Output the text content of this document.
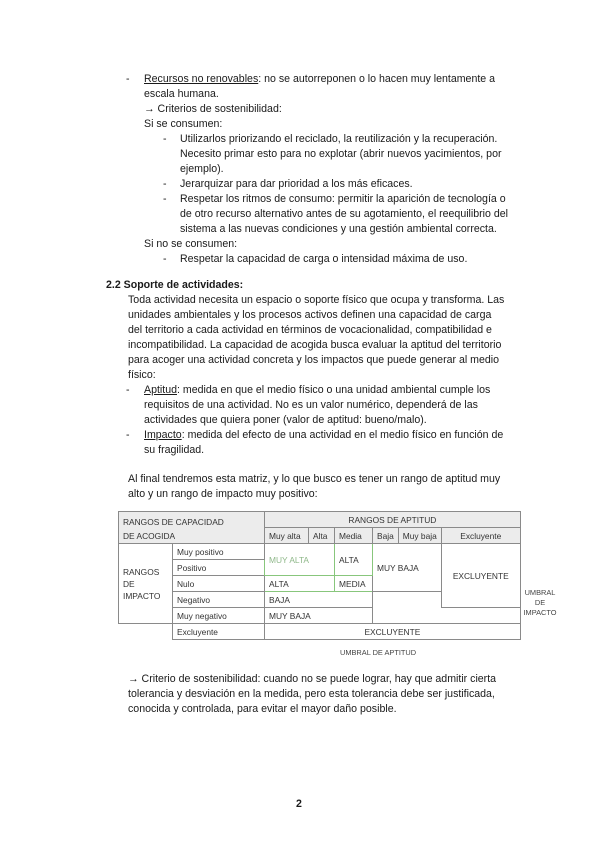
- Recursos no renovables: no se autorreponen o lo hacen muy lentamente a
escala humana.
→ Criterios de sostenibilidad:
Si se consumen:
- Utilizarlos priorizando el reciclado, la reutilización y la recuperación.
Necesito primar esto para no explotar (abrir nuevos yacimientos, por
ejemplo).
- Jerarquizar para dar prioridad a los más eficaces.
- Respetar los ritmos de consumo: permitir la aparición de tecnología o
de otro recurso alternativo antes de su agotamiento, el reequilibrio del
sistema a las nuevas condiciones y una gestión ambiental correcta.
Si no se consumen:
- Respetar la capacidad de carga o intensidad máxima de uso.
2.2 Soporte de actividades:
Toda actividad necesita un espacio o soporte físico que ocupa y transforma. Las
unidades ambientales y los procesos activos definen una capacidad de carga
del territorio a cada actividad en términos de vocacionalidad, compatibilidad e
incompatibilidad. La capacidad de acogida busca evaluar la aptitud del territorio
para acoger una actividad concreta y los impactos que puede generar al medio
físico:
- Aptitud: medida en que el medio físico o una unidad ambiental cumple los
requisitos de una actividad. No es un valor numérico, dependerá de las
actividades que quiera poner (valor de aptitud: bueno/malo).
- Impacto: medida del efecto de una actividad en el medio físico en función de
su fragilidad.
Al final tendremos esta matriz, y lo que busco es tener un rango de aptitud muy
alto y un rango de impacto muy positivo:
RANGOS DE CAPACIDAD
DE ACOGIDA		RANGOS DE APTITUD					
		Muy alta	Alta	Media	Baja	Muy baja	Excluyente

RANGOS
DE
IMPACTO	Muy positivo	MUY ALTA		ALTA	MUY BAJA		EXCLUYENTE
	Positivo						
	Nulo	ALTA		MEDIA			
	Negativo	BAJA					
	Muy negativo	MUY BAJA					
	Excluyente	EXCLUYENTE					
UMBRAL
DE
IMPACTO
UMBRAL DE APTITUD
→ Criterio de sostenibilidad: cuando no se puede lograr, hay que admitir cierta
tolerancia y desviación en la medida, pero esta tolerancia debe ser justificada,
conocida y controlada, para evitar el mayor daño posible.
2
